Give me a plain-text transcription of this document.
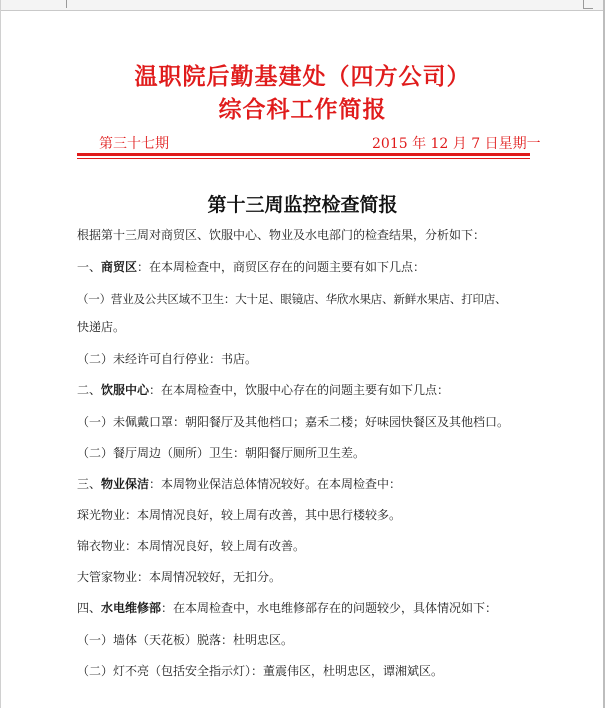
温职院后勤基建处（四方公司）
综合科工作简报
第三十七期	2015 年 12 月 7 日星期一
第十三周监控检查简报

根据第十三周对商贸区、饮服中心、物业及水电部门的检查结果，分析如下：

一、商贸区：在本周检查中，商贸区存在的问题主要有如下几点：

（一）营业及公共区域不卫生：大十足、眼镜店、华欣水果店、新鲜水果店、打印店、

快递店。

（二）未经许可自行停业：书店。

二、饮服中心：在本周检查中，饮服中心存在的问题主要有如下几点：

（一）未佩戴口罩：朝阳餐厅及其他档口；嘉禾二楼；好味园快餐区及其他档口。

（二）餐厅周边（厕所）卫生：朝阳餐厅厕所卫生差。

三、物业保洁：本周物业保洁总体情况较好。在本周检查中：

琛光物业：本周情况良好，较上周有改善，其中思行楼较多。

锦衣物业：本周情况良好，较上周有改善。

大管家物业：本周情况较好，无扣分。

四、水电维修部：在本周检查中，水电维修部存在的问题较少，具体情况如下：

（一）墙体（天花板）脱落：杜明忠区。

（二）灯不亮（包括安全指示灯）：董震伟区，杜明忠区，谭湘斌区。
